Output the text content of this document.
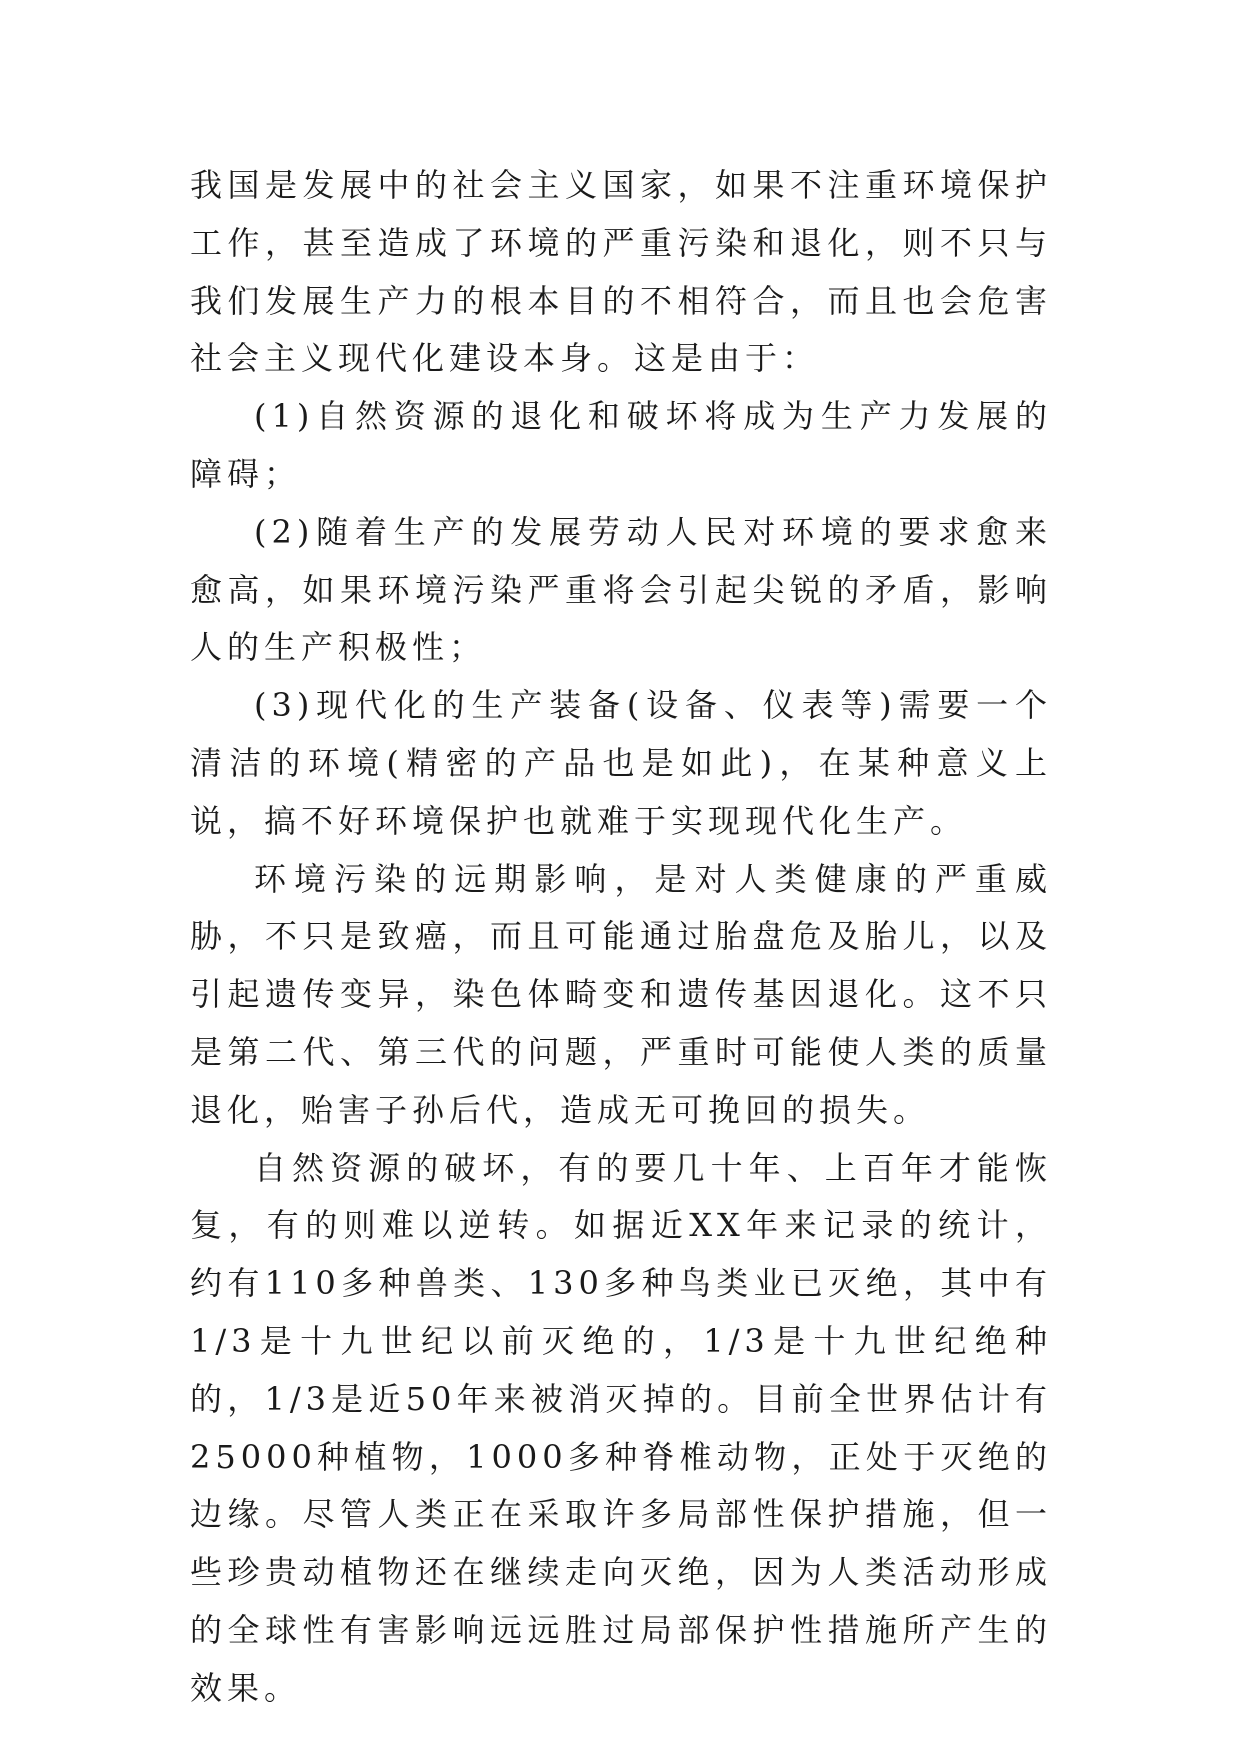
我国是发展中的社会主义国家，如果不注重环境保护工作，甚至造成了环境的严重污染和退化，则不只与我们发展生产力的根本目的不相符合，而且也会危害社会主义现代化建设本身。这是由于：

(1)自然资源的退化和破坏将成为生产力发展的障碍；

(2)随着生产的发展劳动人民对环境的要求愈来愈高，如果环境污染严重将会引起尖锐的矛盾，影响人的生产积极性；

(3)现代化的生产装备(设备、仪表等)需要一个清洁的环境(精密的产品也是如此)，在某种意义上说，搞不好环境保护也就难于实现现代化生产。

环境污染的远期影响，是对人类健康的严重威胁，不只是致癌，而且可能通过胎盘危及胎儿，以及引起遗传变异，染色体畸变和遗传基因退化。这不只是第二代、第三代的问题，严重时可能使人类的质量退化，贻害子孙后代，造成无可挽回的损失。

自然资源的破坏，有的要几十年、上百年才能恢复，有的则难以逆转。如据近XX年来记录的统计，约有110多种兽类、130多种鸟类业已灭绝，其中有1/3是十九世纪以前灭绝的，1/3是十九世纪绝种的，1/3是近50年来被消灭掉的。目前全世界估计有25000种植物，1000多种脊椎动物，正处于灭绝的边缘。尽管人类正在采取许多局部性保护措施，但一些珍贵动植物还在继续走向灭绝，因为人类活动形成的全球性有害影响远远胜过局部保护性措施所产生的效果。
